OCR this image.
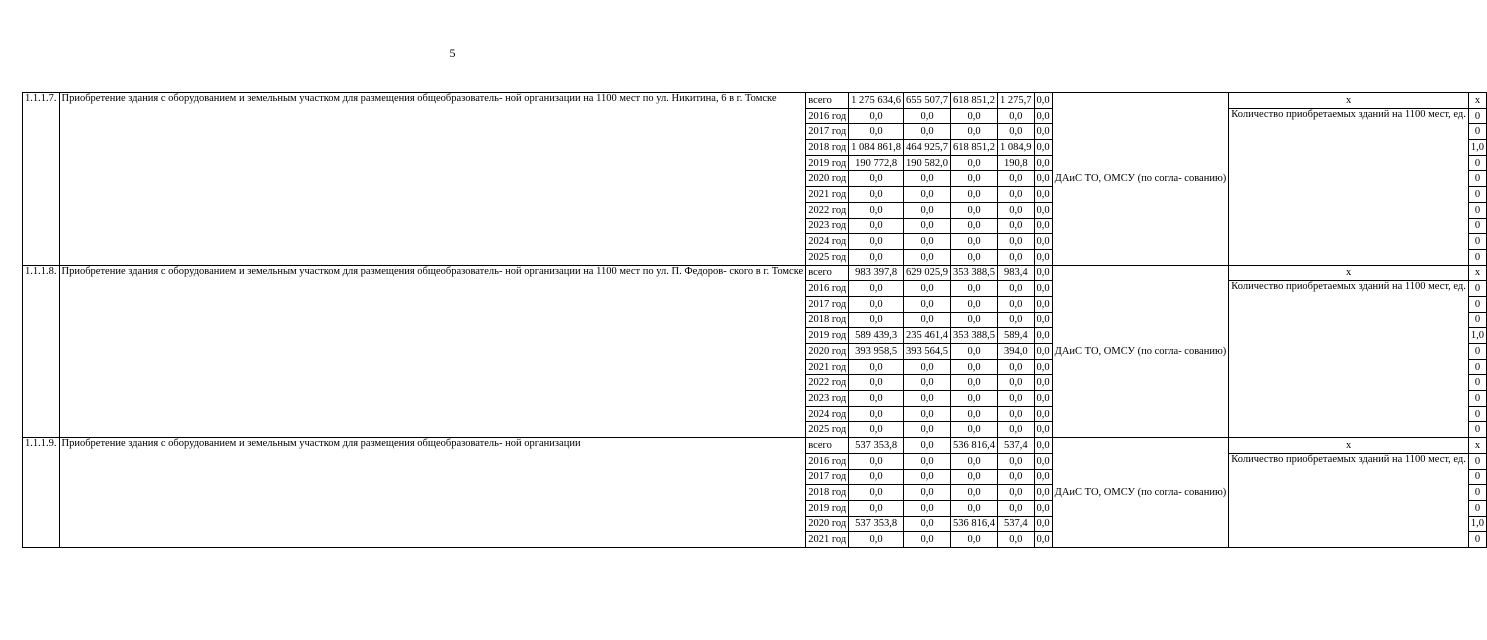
5
1.1.1.7.	Приобретение здания с оборудованием и земельным участком для размещения общеобразователь- ной организации на 1100 мест по ул. Никитина, 6 в г. Томске	всего	1 275 634,6	655 507,7	618 851,2	1 275,7	0,0	ДАиС ТО, ОМСУ (по согла- сованию)	x	x
		2016 год	0,0	0,0	0,0	0,0	0,0		Количество приобретаемых зданий на 1100 мест, ед.	0
		2017 год	0,0	0,0	0,0	0,0	0,0			0
		2018 год	1 084 861,8	464 925,7	618 851,2	1 084,9	0,0			1,0
		2019 год	190 772,8	190 582,0	0,0	190,8	0,0			0
		2020 год	0,0	0,0	0,0	0,0	0,0			0
		2021 год	0,0	0,0	0,0	0,0	0,0			0
		2022 год	0,0	0,0	0,0	0,0	0,0			0
		2023 год	0,0	0,0	0,0	0,0	0,0			0
		2024 год	0,0	0,0	0,0	0,0	0,0			0
		2025 год	0,0	0,0	0,0	0,0	0,0			0
1.1.1.8.	Приобретение здания с оборудованием и земельным участком для размещения общеобразователь- ной организации на 1100 мест по ул. П. Федоров- ского в г. Томске	всего	983 397,8	629 025,9	353 388,5	983,4	0,0	ДАиС ТО, ОМСУ (по согла- сованию)	x	x
		2016 год	0,0	0,0	0,0	0,0	0,0		Количество приобретаемых зданий на 1100 мест, ед.	0
		2017 год	0,0	0,0	0,0	0,0	0,0			0
		2018 год	0,0	0,0	0,0	0,0	0,0			0
		2019 год	589 439,3	235 461,4	353 388,5	589,4	0,0			1,0
		2020 год	393 958,5	393 564,5	0,0	394,0	0,0			0
		2021 год	0,0	0,0	0,0	0,0	0,0			0
		2022 год	0,0	0,0	0,0	0,0	0,0			0
		2023 год	0,0	0,0	0,0	0,0	0,0			0
		2024 год	0,0	0,0	0,0	0,0	0,0			0
		2025 год	0,0	0,0	0,0	0,0	0,0			0
1.1.1.9.	Приобретение здания с оборудованием и земельным участком для размещения общеобразователь- ной организации	всего	537 353,8	0,0	536 816,4	537,4	0,0	ДАиС ТО, ОМСУ (по согла- сованию)	x	x
		2016 год	0,0	0,0	0,0	0,0	0,0		Количество приобретаемых зданий на 1100 мест, ед.	0
		2017 год	0,0	0,0	0,0	0,0	0,0			0
		2018 год	0,0	0,0	0,0	0,0	0,0			0
		2019 год	0,0	0,0	0,0	0,0	0,0			0
		2020 год	537 353,8	0,0	536 816,4	537,4	0,0			1,0
		2021 год	0,0	0,0	0,0	0,0	0,0			0
